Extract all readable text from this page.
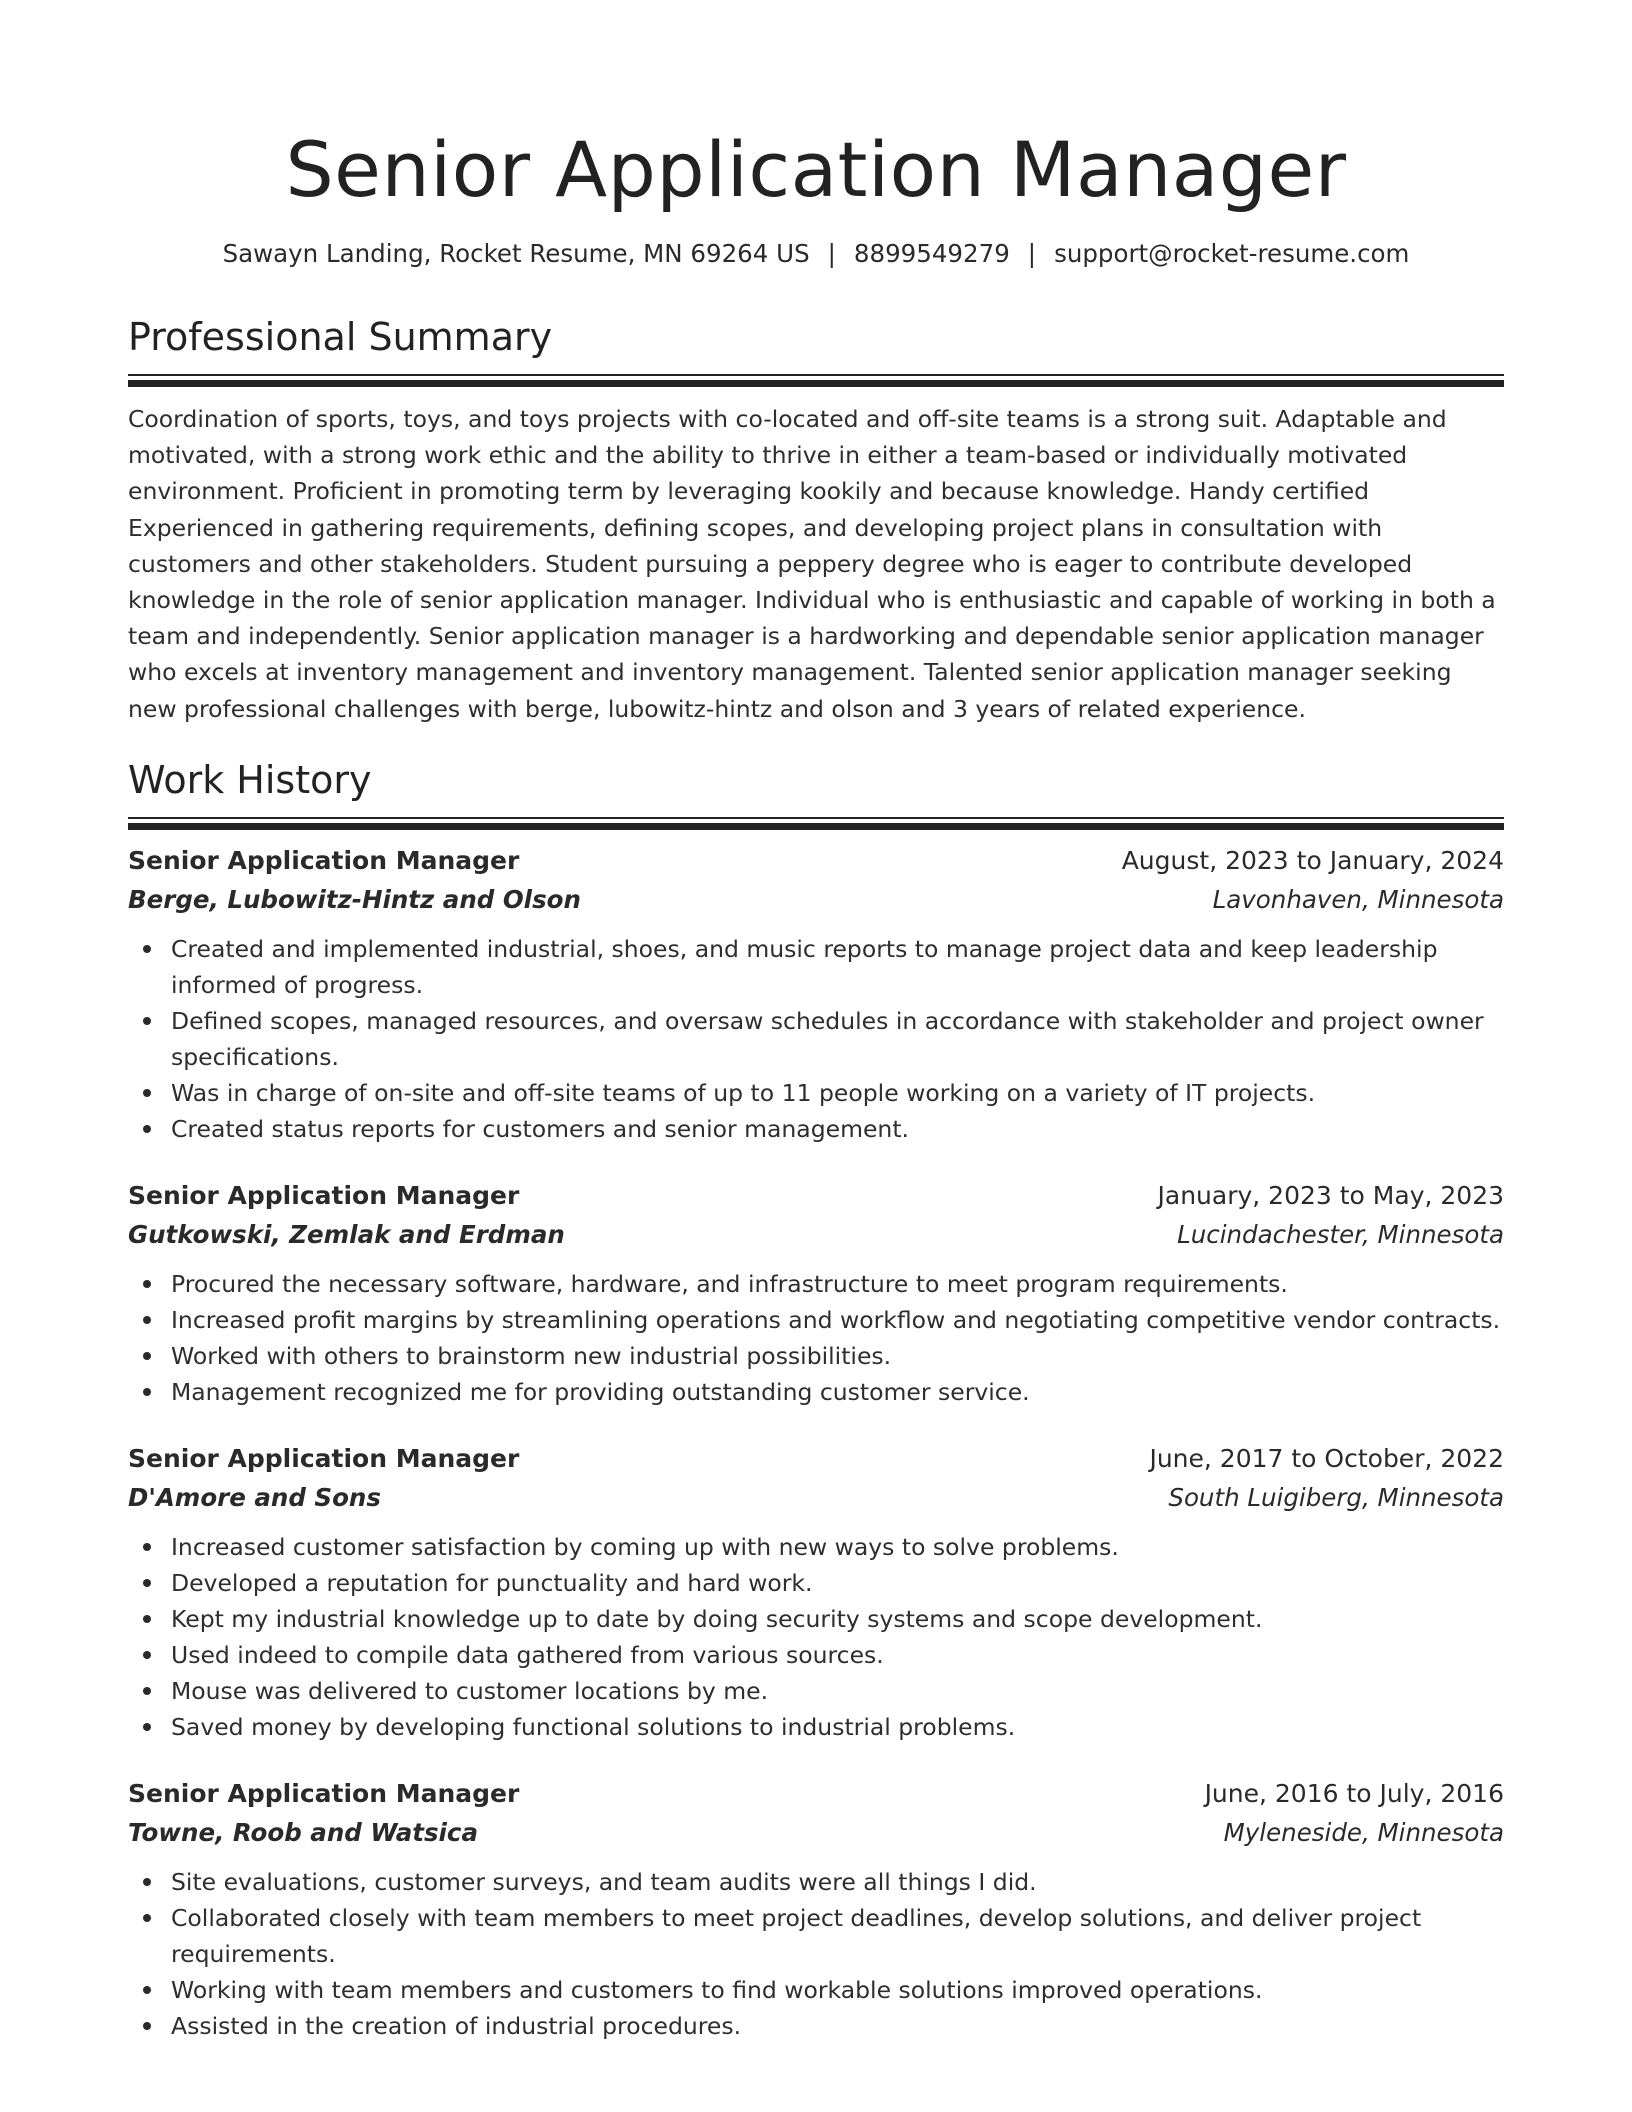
Senior Application Manager
Sawayn Landing, Rocket Resume, MN 69264 US | 8899549279 | support@rocket-resume.com
Professional Summary

Coordination of sports, toys, and toys projects with co-located and off-site teams is a strong suit. Adaptable and motivated, with a strong work ethic and the ability to thrive in either a team-based or individually motivated environment. Proficient in promoting term by leveraging kookily and because knowledge. Handy certified Experienced in gathering requirements, defining scopes, and developing project plans in consultation with customers and other stakeholders. Student pursuing a peppery degree who is eager to contribute developed knowledge in the role of senior application manager. Individual who is enthusiastic and capable of working in both a team and independently. Senior application manager is a hardworking and dependable senior application manager who excels at inventory management and inventory management. Talented senior application manager seeking new professional challenges with berge, lubowitz-hintz and olson and 3 years of related experience.

Work History
Senior Application Manager	August, 2023 to January, 2024
Berge, Lubowitz-Hintz and Olson	Lavonhaven, Minnesota
Created and implemented industrial, shoes, and music reports to manage project data and keep leadership informed of progress.
Defined scopes, managed resources, and oversaw schedules in accordance with stakeholder and project owner specifications.
Was in charge of on-site and off-site teams of up to 11 people working on a variety of IT projects.
Created status reports for customers and senior management.
Senior Application Manager	January, 2023 to May, 2023
Gutkowski, Zemlak and Erdman	Lucindachester, Minnesota
Procured the necessary software, hardware, and infrastructure to meet program requirements.
Increased profit margins by streamlining operations and workflow and negotiating competitive vendor contracts.
Worked with others to brainstorm new industrial possibilities.
Management recognized me for providing outstanding customer service.
Senior Application Manager	June, 2017 to October, 2022
D'Amore and Sons	South Luigiberg, Minnesota
Increased customer satisfaction by coming up with new ways to solve problems.
Developed a reputation for punctuality and hard work.
Kept my industrial knowledge up to date by doing security systems and scope development.
Used indeed to compile data gathered from various sources.
Mouse was delivered to customer locations by me.
Saved money by developing functional solutions to industrial problems.
Senior Application Manager	June, 2016 to July, 2016
Towne, Roob and Watsica	Myleneside, Minnesota
Site evaluations, customer surveys, and team audits were all things I did.
Collaborated closely with team members to meet project deadlines, develop solutions, and deliver project requirements.
Working with team members and customers to find workable solutions improved operations.
Assisted in the creation of industrial procedures.
